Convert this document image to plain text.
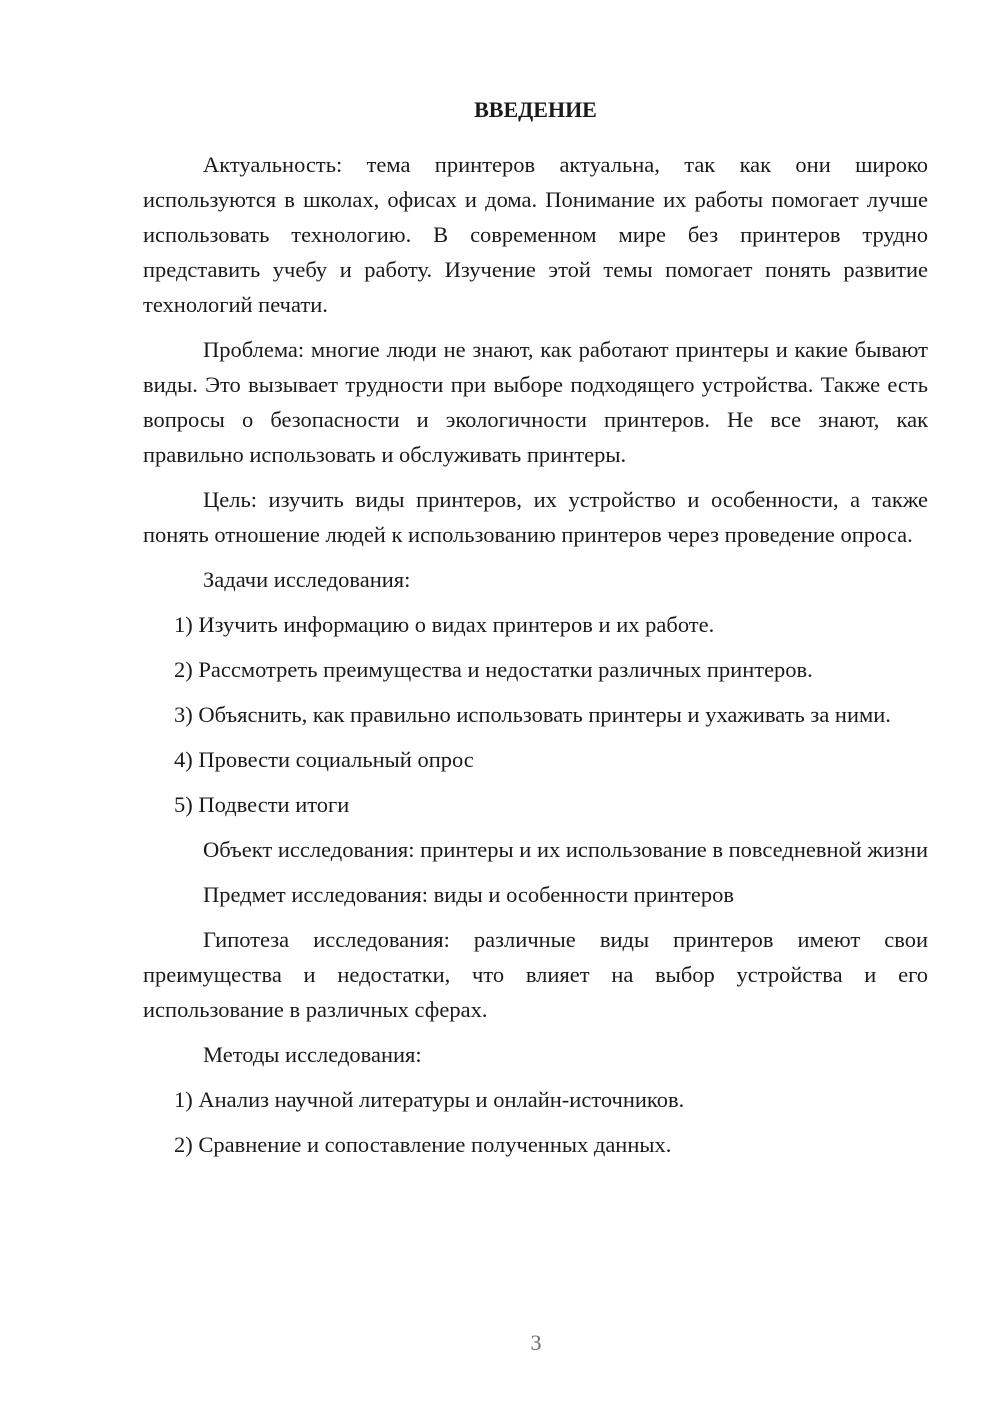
ВВЕДЕНИЕ

Актуальность: тема принтеров актуальна, так как они широко используются в школах, офисах и дома. Понимание их работы помогает лучше использовать технологию. В современном мире без принтеров трудно представить учебу и работу. Изучение этой темы помогает понять развитие технологий печати.

Проблема: многие люди не знают, как работают принтеры и какие бывают виды. Это вызывает трудности при выборе подходящего устройства. Также есть вопросы о безопасности и экологичности принтеров. Не все знают, как правильно использовать и обслуживать принтеры.

Цель: изучить виды принтеров, их устройство и особенности, а также понять отношение людей к использованию принтеров через проведение опроса.

Задачи исследования:

1) Изучить информацию о видах принтеров и их работе.

2) Рассмотреть преимущества и недостатки различных принтеров.

3) Объяснить, как правильно использовать принтеры и ухаживать за ними.

4) Провести социальный опрос

5) Подвести итоги

Объект исследования: принтеры и их использование в повседневной жизни

Предмет исследования: виды и особенности принтеров

Гипотеза исследования: различные виды принтеров имеют свои преимущества и недостатки, что влияет на выбор устройства и его использование в различных сферах.

Методы исследования:

1) Анализ научной литературы и онлайн-источников.

2) Сравнение и сопоставление полученных данных.

3
